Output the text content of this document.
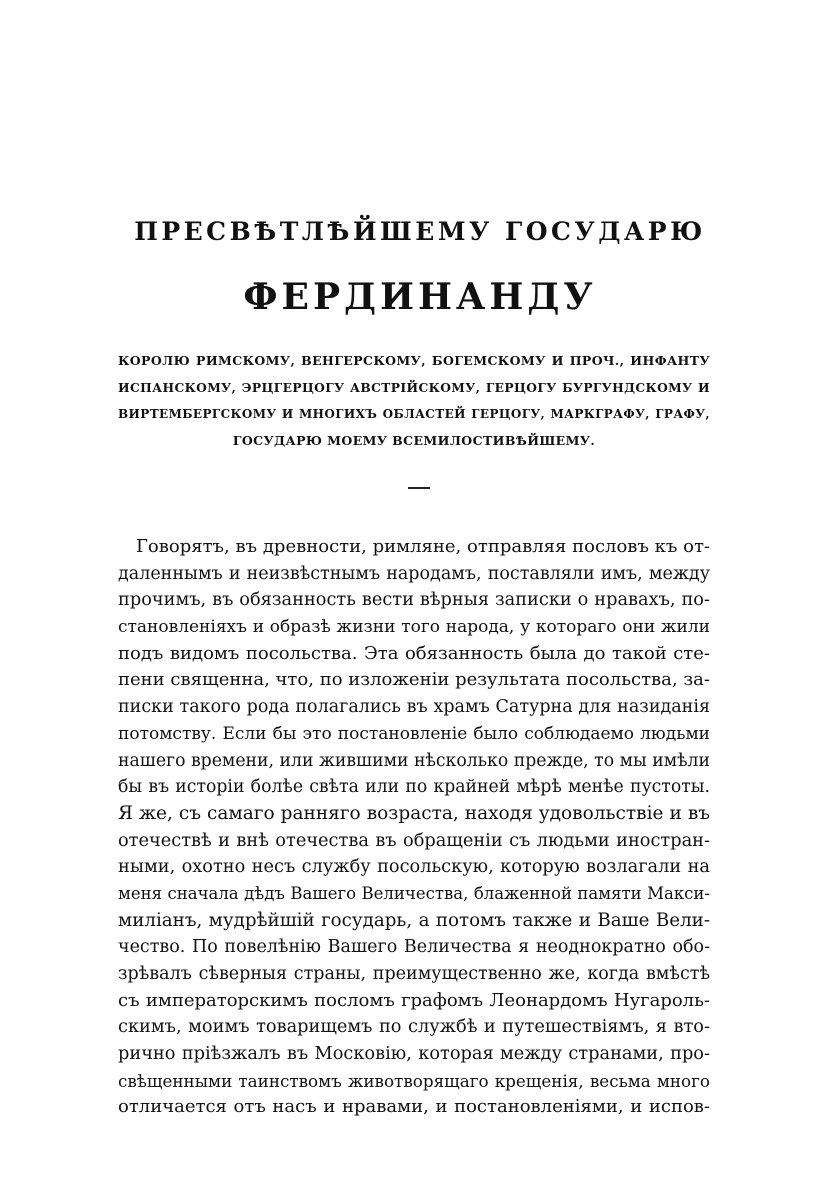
ПРЕСВѢТЛѢЙШЕМУ ГОСУДАРЮ
ФЕРДИНАНДУ
КОРОЛЮ РИМСКОМУ, ВЕНГЕРСКОМУ, БОГЕМСКОМУ И ПРОЧ., ИНФАНТУ
ИСПАНСКОМУ, ЭРЦГЕРЦОГУ АВСТРІЙСКОМУ, ГЕРЦОГУ БУРГУНДСКОМУ И
ВИРТЕМБЕРГСКОМУ И МНОГИХЪ ОБЛАСТЕЙ ГЕРЦОГУ, МАРКГРАФУ, ГРАФУ,
ГОСУДАРЮ МОЕМУ ВСЕМИЛОСТИВѢЙШЕМУ.
Говорятъ, въ древности, римляне, отправляя пословъ къ от-
даленнымъ и неизвѣстнымъ народамъ, поставляли имъ, между
прочимъ, въ обязанность вести вѣрныя записки о нравахъ, по-
становленіяхъ и образѣ жизни того народа, у котораго они жили
подъ видомъ посольства. Эта обязанность была до такой сте-
пени священна, что, по изложеніи результата посольства, за-
писки такого рода полагались въ храмъ Сатурна для назиданія
потомству. Если бы это постановленіе было соблюдаемо людьми
нашего времени, или жившими нѣсколько прежде, то мы имѣли
бы въ исторіи болѣе свѣта или по крайней мѣрѣ менѣе пустоты.
Я же, съ самаго ранняго возраста, находя удовольствіе и въ
отечествѣ и внѣ отечества въ обращеніи съ людьми иностран-
ными, охотно несъ службу посольскую, которую возлагали на
меня сначала дѣдъ Вашего Величества, блаженной памяти Макси-
миліанъ, мудрѣйшій государь, а потомъ также и Ваше Вели-
чество. По повелѣнію Вашего Величества я неоднократно обо-
зрѣвалъ сѣверныя страны, преимущественно же, когда вмѣстѣ
съ императорскимъ посломъ графомъ Леонардомъ Нугароль-
скимъ, моимъ товарищемъ по службѣ и путешествіямъ, я вто-
рично пріѣзжалъ въ Московію, которая между странами, про-
свѣщенными таинствомъ животворящаго крещенія, весьма много
отличается отъ насъ и нравами, и постановленіями, и испов-
